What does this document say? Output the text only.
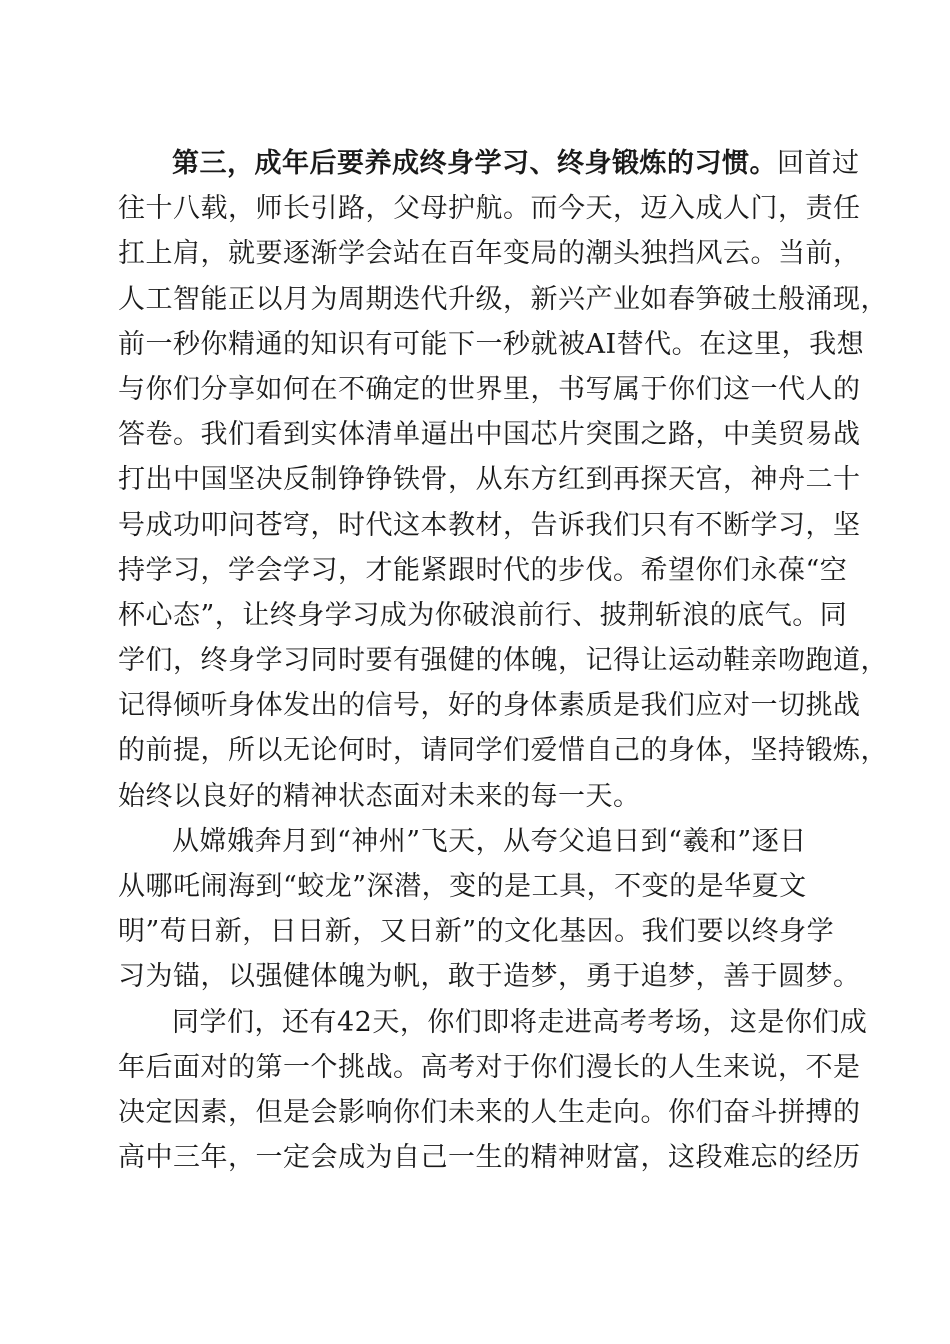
第三，成年后要养成终身学习、终身锻炼的习惯。回首过
往十八载，师长引路，父母护航。而今天，迈入成人门，责任
扛上肩，就要逐渐学会站在百年变局的潮头独挡风云。当前，
人工智能正以月为周期迭代升级，新兴产业如春笋破土般涌现，
前一秒你精通的知识有可能下一秒就被AI替代。在这里，我想
与你们分享如何在不确定的世界里，书写属于你们这一代人的
答卷。我们看到实体清单逼出中国芯片突围之路，中美贸易战
打出中国坚决反制铮铮铁骨，从东方红到再探天宫，神舟二十
号成功叩问苍穹，时代这本教材，告诉我们只有不断学习，坚
持学习，学会学习，才能紧跟时代的步伐。希望你们永葆“空
杯心态”，让终身学习成为你破浪前行、披荆斩浪的底气。同
学们，终身学习同时要有强健的体魄，记得让运动鞋亲吻跑道，
记得倾听身体发出的信号，好的身体素质是我们应对一切挑战
的前提，所以无论何时，请同学们爱惜自己的身体，坚持锻炼，
始终以良好的精神状态面对未来的每一天。
从嫦娥奔月到“神州”飞天，从夸父追日到“羲和”逐日
从哪吒闹海到“蛟龙”深潜，变的是工具，不变的是华夏文
明”苟日新，日日新，又日新”的文化基因。我们要以终身学
习为锚，以强健体魄为帆，敢于造梦，勇于追梦，善于圆梦。
同学们，还有42天，你们即将走进高考考场，这是你们成
年后面对的第一个挑战。高考对于你们漫长的人生来说，不是
决定因素，但是会影响你们未来的人生走向。你们奋斗拼搏的
高中三年，一定会成为自己一生的精神财富，这段难忘的经历
